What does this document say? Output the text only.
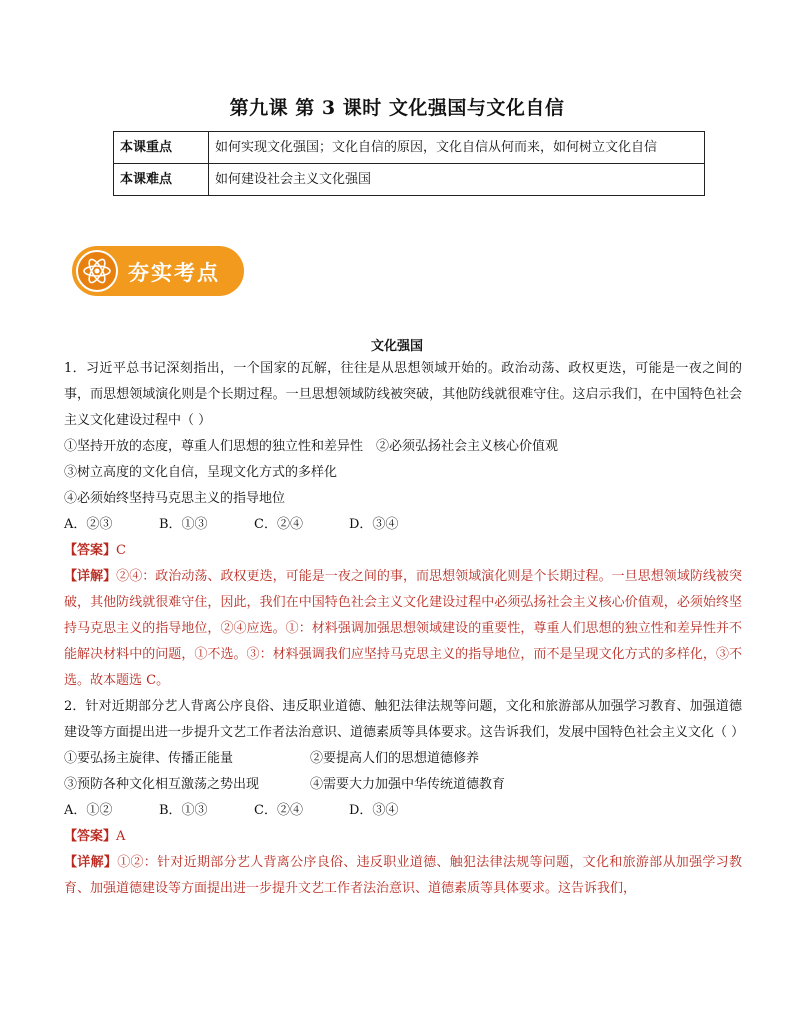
第九课 第 3 课时 文化强国与文化自信
本课重点	如何实现文化强国；文化自信的原因，文化自信从何而来，如何树立文化自信
本课难点	如何建设社会主义文化强国
夯实考点
文化强国

1．习近平总书记深刻指出，一个国家的瓦解，往往是从思想领域开始的。政治动荡、政权更迭，可能是一夜之间的事，而思想领域演化则是个长期过程。一旦思想领域防线被突破，其他防线就很难守住。这启示我们，在中国特色社会主义文化建设过程中（ ）

①坚持开放的态度，尊重人们思想的独立性和差异性　②必须弘扬社会主义核心价值观

③树立高度的文化自信，呈现文化方式的多样化

④必须始终坚持马克思主义的指导地位

A．②③	B．①③	C．②④	D．③④

【答案】C

【详解】②④：政治动荡、政权更迭，可能是一夜之间的事，而思想领域演化则是个长期过程。一旦思想领域防线被突破，其他防线就很难守住，因此，我们在中国特色社会主义文化建设过程中必须弘扬社会主义核心价值观，必须始终坚持马克思主义的指导地位，②④应选。①：材料强调加强思想领域建设的重要性，尊重人们思想的独立性和差异性并不能解决材料中的问题，①不选。③：材料强调我们应坚持马克思主义的指导地位，而不是呈现文化方式的多样化，③不选。故本题选 C。

2．针对近期部分艺人背离公序良俗、违反职业道德、触犯法律法规等问题，文化和旅游部从加强学习教育、加强道德建设等方面提出进一步提升文艺工作者法治意识、道德素质等具体要求。这告诉我们，发展中国特色社会主义文化（ ）

①要弘扬主旋律、传播正能量	②要提高人们的思想道德修养

③预防各种文化相互激荡之势出现	④需要大力加强中华传统道德教育

A．①②	B．①③	C．②④	D．③④

【答案】A

【详解】①②：针对近期部分艺人背离公序良俗、违反职业道德、触犯法律法规等问题，文化和旅游部从加强学习教育、加强道德建设等方面提出进一步提升文艺工作者法治意识、道德素质等具体要求。这告诉我们，
